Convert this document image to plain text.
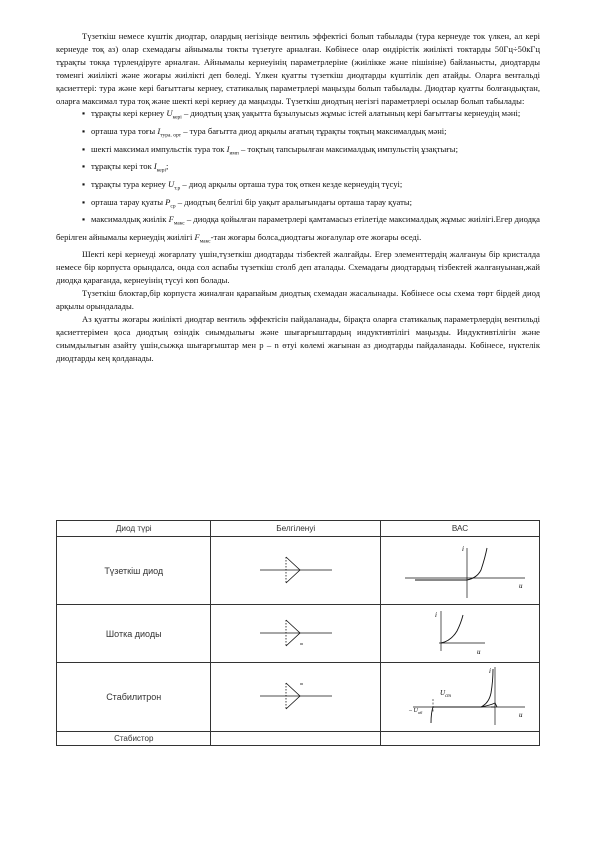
Түзеткіш немесе күштік диодтар, олардың негізінде вентиль эффектісі болып табылады (тура кернеуде ток үлкен, ал кері кернеуде тоқ аз) олар схемадағы айнымалы токты түзетуге арналған. Көбінесе олар өндірістік жиілікті токтарды 50Гц÷50кГц тұрақты токқа түрлендіруге арналған. Айнымалы кернеуінің параметрлеріне (жиілікке және пішініне) байланысты, диодтарды төменгі жиілікті және жоғары жиілікті деп бөледі. Үлкен қуатты түзеткіш диодтарды күштілік деп атайды. Оларға вентальді қасиеттері: тура және кері бағыттағы кернеу, статикалық параметрлері маңызды болып табылады. Диодтар қуатты болғандықтан, оларға максимал тура тоқ және шекті кері кернеу да маңызды. Түзеткіш диодтың негізгі параметрлері осылар болып табылады:

▪ тұрақты кері кернеу $U_{кері}$ – диодтың ұзақ уақытта бұзылуысыз жұмыс істей алатының кері бағыттағы кернеудің мәні;

▪ орташа тура тоғы $I_{тура. орт}$ – тура бағытта диод арқылы ағатың тұрақты тоқтың максималдық мәні;

▪ шекті максимал импульстік тура ток $I_{имп}$ – тоқтың тапсырылған максималдық импульстің ұзақтығы;

▪ тұрақты кері ток $I_{кері}$;

▪ тұрақты тура кернеу $U_{т.р}$ – диод арқылы орташа тура тоқ өткен кезде кернеудің түсуі;

▪ орташа тарау қуаты $P_{ср}$ – диодтың белгілі бір уақыт аралығындағы орташа тарау қуаты;

▪ максималдық жиілік $F_{макс}$ – диодқа қойылған параметрлері қамтамасыз етілетіде максималдық жұмыс жиілігі.Егер диодқа берілген айнымалы кернеудің жиілігі $F_{макс}$-тан жоғары болса,диодтағы жоғалулар өте жоғары өседі.

Шекті кері кернеуді жоғарлату үшін,түзеткіш диодтарды тізбектей жалғайды. Егер элементтердің жалғануы бір кристалда немесе бір корпуста орындалса, онда сол аспабы түзеткіш столб деп аталады. Схемадағы диодтардың тізбектей жалғануынан,жай диодқа қарағанда, кернеуінің түсуі көп болады.

Түзеткіш блоктар,бір корпуста жиналған қарапайым диодтық схемадан жасалынады. Көбінесе осы схема төрт бірдей диод арқылы орындалады.

Аз қуатты жоғары жиілікті диодтар вентиль эффектісін пайдаланады, бірақта оларға статикалық параметрлердің вентильді қасиеттерімен қоса диодтың өзіндік сиымдылығы және шығарғыштардың индуктивтілігі маңызды. Индуктивтілігін және сиымдылығын азайту үшін,сыжқа шығарғыштар мен р – n өтуі көлемі жағынан аз диодтарды пайдаланады. Көбінесе, нүктелік диодтарды кең қолданады.

Диод түрі	Белгіленуі	ВАС
Түзеткіш диод		i
u

Шотка диоды		i
u

Стабилитрон		i
u
$U_{ст}$
– $U_{об}$

Стабистор		
